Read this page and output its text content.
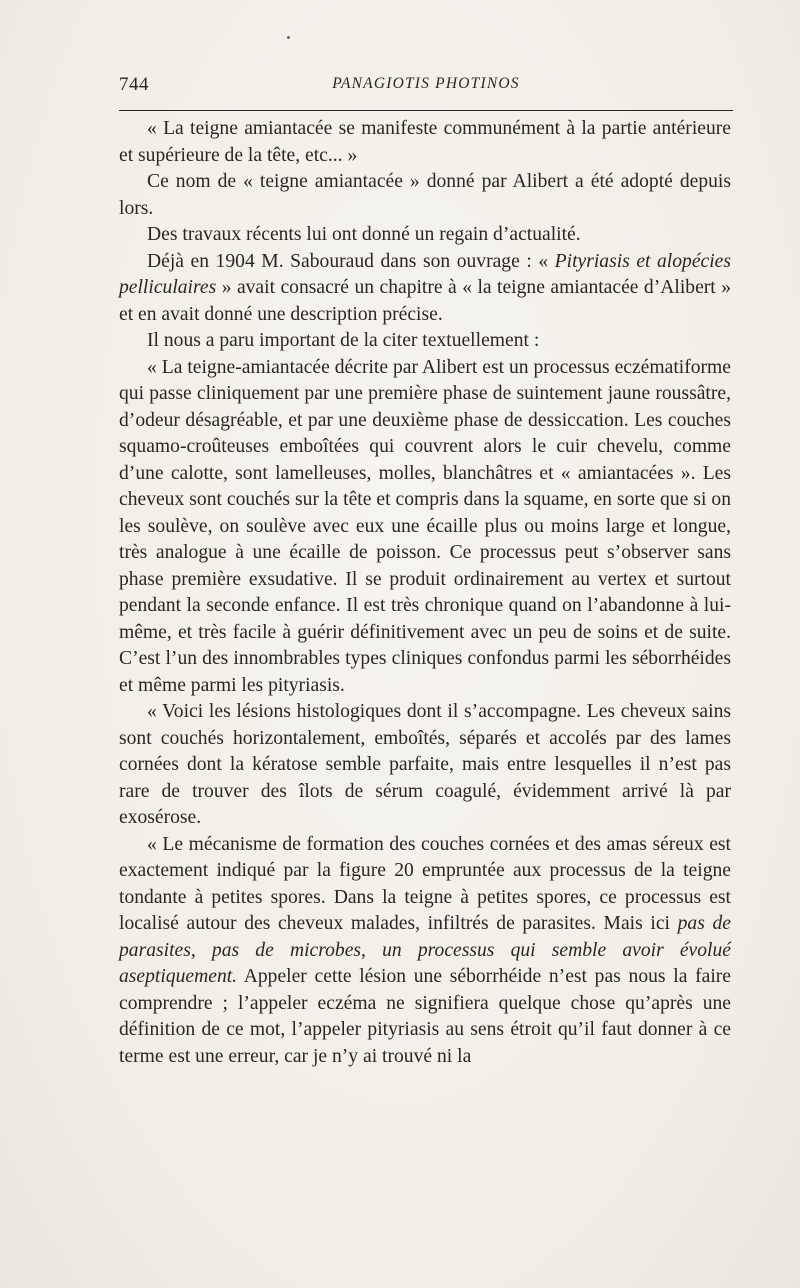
744	PANAGIOTIS PHOTINOS

« La teigne amiantacée se manifeste communément à la partie antérieure et supérieure de la tête, etc... »

Ce nom de « teigne amiantacée » donné par Alibert a été adopté depuis lors.

Des travaux récents lui ont donné un regain d’actualité.

Déjà en 1904 M. Sabouraud dans son ouvrage : « Pityriasis et alopécies pelliculaires » avait consacré un chapitre à « la teigne amiantacée d’Alibert » et en avait donné une description précise.

Il nous a paru important de la citer textuellement :

« La teigne-amiantacée décrite par Alibert est un processus eczématiforme qui passe cliniquement par une première phase de suintement jaune roussâtre, d’odeur désagréable, et par une deuxième phase de dessiccation. Les couches squamo-croûteuses emboîtées qui couvrent alors le cuir chevelu, comme d’une calotte, sont lamelleuses, molles, blanchâtres et « amiantacées ». Les cheveux sont couchés sur la tête et compris dans la squame, en sorte que si on les soulève, on soulève avec eux une écaille plus ou moins large et longue, très analogue à une écaille de poisson. Ce processus peut s’observer sans phase première exsudative. Il se produit ordinairement au vertex et surtout pendant la seconde enfance. Il est très chronique quand on l’abandonne à lui-même, et très facile à guérir définitivement avec un peu de soins et de suite. C’est l’un des innombrables types cliniques confondus parmi les séborrhéides et même parmi les pityriasis.

« Voici les lésions histologiques dont il s’accompagne. Les cheveux sains sont couchés horizontalement, emboîtés, séparés et accolés par des lames cornées dont la kératose semble parfaite, mais entre lesquelles il n’est pas rare de trouver des îlots de sérum coagulé, évidemment arrivé là par exosérose.

« Le mécanisme de formation des couches cornées et des amas séreux est exactement indiqué par la figure 20 empruntée aux processus de la teigne tondante à petites spores. Dans la teigne à petites spores, ce processus est localisé autour des cheveux malades, infiltrés de parasites. Mais ici pas de parasites, pas de microbes, un processus qui semble avoir évolué aseptiquement. Appeler cette lésion une séborrhéide n’est pas nous la faire comprendre ; l’appeler eczéma ne signifiera quelque chose qu’après une définition de ce mot, l’appeler pityriasis au sens étroit qu’il faut donner à ce terme est une erreur, car je n’y ai trouvé ni la
